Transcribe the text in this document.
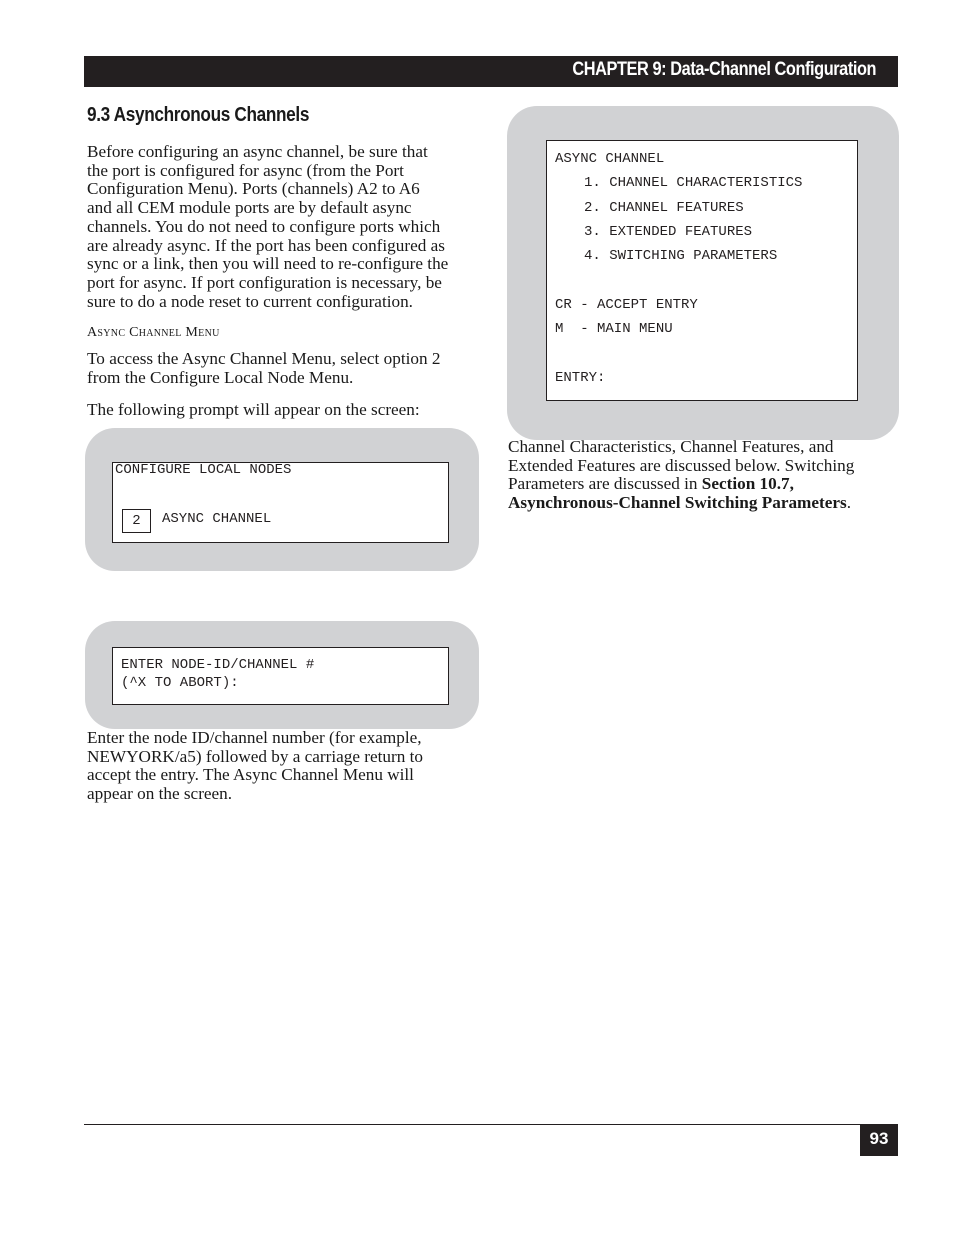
CHAPTER 9: Data-Channel Configuration
9.3 Asynchronous Channels
Before configuring an async channel, be sure that
the port is configured for async (from the Port
Configuration Menu). Ports (channels) A2 to A6
and all CEM module ports are by default async
channels. You do not need to configure ports which
are already async. If the port has been configured as
sync or a link, then you will need to re-configure the
port for async. If port configuration is necessary, be
sure to do a node reset to current configuration.
Async Channel Menu
To access the Async Channel Menu, select option 2
from the Configure Local Node Menu.
The following prompt will appear on the screen:
CONFIGURE LOCAL NODES
2	ASYNC CHANNEL
ENTER NODE-ID/CHANNEL #
(^X TO ABORT):
Enter the node ID/channel number (for example,
NEWYORK/a5) followed by a carriage return to
accept the entry. The Async Channel Menu will
appear on the screen.
ASYNC CHANNEL
1. CHANNEL CHARACTERISTICS
2. CHANNEL FEATURES
3. EXTENDED FEATURES
4. SWITCHING PARAMETERS
CR - ACCEPT ENTRY
M  - MAIN MENU
ENTRY:
Channel Characteristics, Channel Features, and
Extended Features are discussed below. Switching
Parameters are discussed in Section 10.7,
Asynchronous-Channel Switching Parameters.
93
